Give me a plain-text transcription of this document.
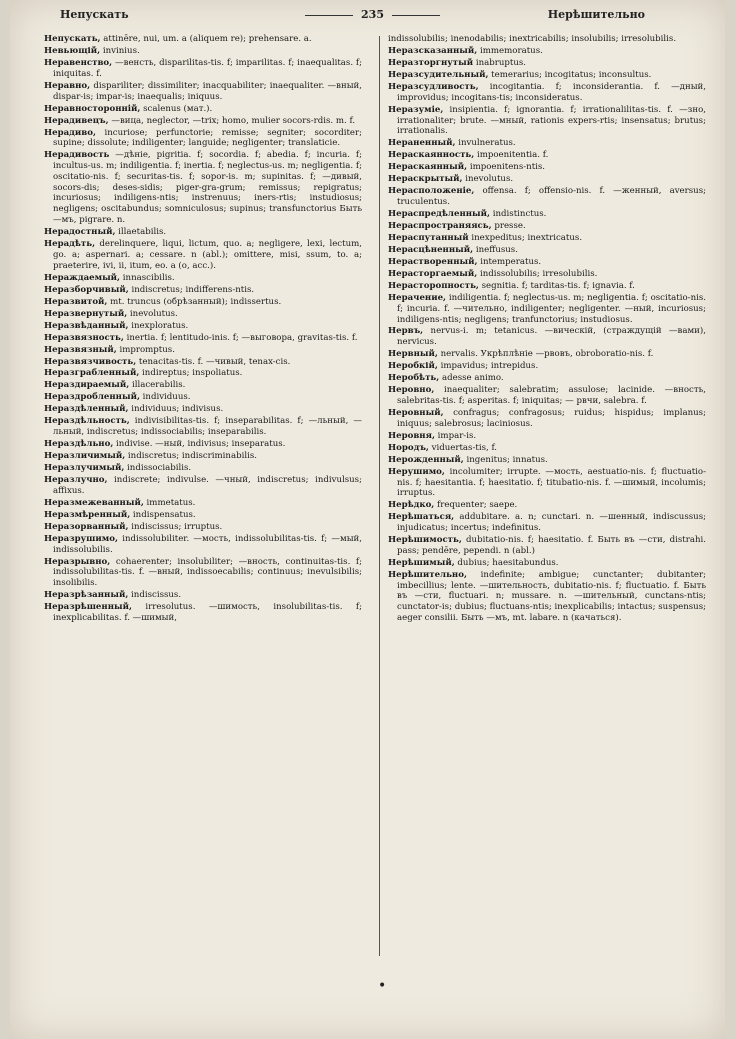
Непускать	235	Нерѣшительно

Непускать, attinēre, nui, um. a (aliquem re); prehensare. a.

Невьющій, invinius.

Неравенство, —венсть, disparilitas-tis. f; imparilitas. f; inaequalitas. f; iniquitas. f.

Неравно, disparilitеr; dissimiliter; inacquabiliter; inaequaliter. —вный, dispar-is; impar-is; inaequalis; iniquus.

Неравностороннiй, scalenus (мат.).

Нерадивецъ, —вица, neglector, —trix; homo, mulier socors-rdis. m. f.

Нерадиво, incuriose; perfunctorie; remisse; segniter; socorditer; supine; dissolute; indiligenter; languide; negligenter; translaticie.

Нерадивость —дѣнiе, pigritia. f; socordia. f; abedia. f; incuria. f; incultus-us. m; indiligentia. f; inertia. f; neglectus-us. m; negligentia. f; oscitatio-nis. f; securitas-tis. f; sopor-is. m; supinitas. f; —дивый, socors-dis; deses-sidis; piger-gra-grum; remissus; repigratus; incuriosus; indiligens-ntis; instrenuus; iners-rtis; instudiosus; negligens; oscitabundus; somniculosus; supinus; transfunctorius Быть —мъ, pigrare. n.

Нерадостный, illaetabilis.

Нерадѣть, derelinquere, liqui, lictum, quo. a; negligere, lexi, lectum, go. a; aspernari. a; cessare. n (abl.); omittere, misi, ssum, to. a; praeterire, ivi, ii, itum, eo. a (o, acc.).

Нераждаемый, innascibilis.

Неразборчивый, indiscretus; indifferens-ntis.

Неразвитой, mt. truncus (обрѣзанный); indissertus.

Неразвернутый, inevolutus.

Неразвѣданный, inexploratus.

Неразвязность, inertia. f; lentitudo-inis. f; —выговора, gravitas-tis. f.

Неразвязный, impromptus.

Неразвязчивость, tenacitas-tis. f. —чивый, tenax-cis.

Неразграбленный, indireptus; inspoliatus.

Нераздираемый, illacerabilis.

Нераздробленный, individuus.

Нераздѣленный, individuus; indivisus.

Нераздѣльность, indivisibilitas-tis. f; inseparabilitas. f; —льный, —льный, indiscretus; indissociabilis; inseparabilis.

Нераздѣльно, indivise. —ный, indivisus; inseparatus.

Неразличимый, indiscretus; indiscriminabilis.

Неразлучимый, indissociabilis.

Неразлучно, indiscrete; indivulse. —чный, indiscretus; indivulsus; affixus.

Неразмежеванный, immetatus.

Неразмѣренный, indispensatus.

Неразорванный, indiscissus; irruptus.

Неразрушимо, indissolubiliter. —мость, indissolubilitas-tis. f; —мый, indissolubilis.

Неразрывно, cohaerenter; insolubiliter; —вность, continuitas-tis. f; indissolubilitas-tis. f. —вный, indissoecabilis; continuus; inevulsibilis; insolibilis.

Неразрѣзанный, indiscissus.

Неразрѣшенный, irresolutus. —шимость, insolubilitas-tis. f; inexplicabilitas. f. —шимый,

indissolubilis; inenodabilis; inextricabilis; insolubilis; irresolubilis.

Неразсказанный, immemoratus.

Неразторгнутый inabruptus.

Неразсудительный, temerarius; incogitatus; inconsultus.

Неразсудливость, incogitantia. f; inconsiderantia. f. —дный, improvidus; incogitans-tis; inconsideratus.

Неразумie, insipientia. f; ignorantia. f; irrationalilitas-tis. f. —зно, irrationaliter; brute. —мный, rationis expers-rtis; insensatus; brutus; irrationalis.

Нераненный, invulneratus.

Нераскаянность, impoenitentia. f.

Нераскаянный, impoenitens-ntis.

Нераскрытый, inevolutus.

Нерасположенie, offensa. f; offensio-nis. f. —женный, aversus; truculentus.

Нераспредѣленный, indistinctus.

Нераспространяясь, presse.

Нераспутанный inexpeditus; inextricatus.

Нерасцѣненный, ineffusus.

Нерастворенный, intemperatus.

Нерасторгаемый, indissolubilis; irresolubilis.

Нерасторопность, segnitia. f; tarditas-tis. f; ignavia. f.

Нерачение, indiligentia. f; neglectus-us. m; negligentia. f; oscitatio-nis. f; incuria. f. —чительно, indiligenter; negligenter. —ный, incuriosus; indiligens-ntis; negligens; tranfunctorius; instudiosus.

Нервъ, nervus-i. m; tetanicus. —вическій, (страждущій —вами), nervicus.

Нервный, nervalis. Укрѣплѣнie —рвовъ, obroboratio-nis. f.

Неробкій, impavidus; intrepidus.

Неробѣть, adesse animo.

Неровно, inaequaliter; salebratim; assulose; lacinide. —вность, salebritas-tis. f; asperitas. f; iniquitas; — рвчи, salebra. f.

Неровный, confragus; confragosus; ruidus; hispidus; implanus; iniquus; salebrosus; laciniosus.

Неровня, impar-is.

Нородъ, viduertas-tis, f.

Нерожденный, ingenitus; innatus.

Нерушимо, incolumiter; irrupte. —мость, aestuatio-nis. f; fluctuatio-nis. f; haesitantia. f; haesitatio. f; titubatio-nis. f. —шимый, incolumis; irruptus.

Нерѣдко, frequenter; saepe.

Нерѣшаться, addubitare. a. n; cunctari. n. —шенный, indiscussus; injudicatus; incertus; indefinitus.

Нерѣшимость, dubitatio-nis. f; haesitatio. f. Быть въ —сти, distrahi. pass; pendēre, pependi. n (abl.)

Нерѣшимый, dubius; haesitabundus.

Нерѣшительно, indefinite; ambigue; cunctanter; dubitanter; imbecillius; lente. —шительность, dubitatio-nis. f; fluctuatio. f. Быть въ —сти, fluctuari. n; mussare. n. —шительный, cunctans-ntis; cunctator-is; dubius; fluctuans-ntis; inexplicabilis; intactus; suspensus; aeger consilii. Быть —мъ, mt. labare. n (качаться).

•
